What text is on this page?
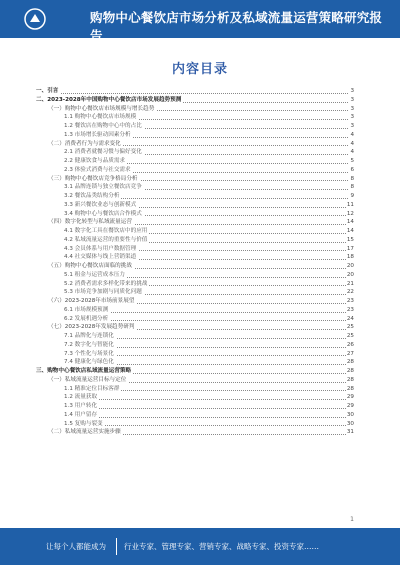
购物中心餐饮店市场分析及私域流量运营策略研究报告
内容目录
一、引言	3
二、2023-2028年中国购物中心餐饮店市场发展趋势预测	3
（一）购物中心餐饮店市场规模与增长趋势	3
1.1 购物中心餐饮店市场规模	3
1.2 餐饮店在购物中心中的占比	3
1.3 市场增长驱动因素分析	4
（二）消费者行为与需求变化	4
2.1 消费者就餐习惯与偏好变化	4
2.2 健康饮食与品质需求	5
2.3 体验式消费与社交需求	6
（三）购物中心餐饮店竞争格局分析	8
3.1 品牌连锁与独立餐饮店竞争	8
3.2 餐饮品类结构分析	9
3.3 新兴餐饮业态与创新模式	11
3.4 购物中心与餐饮店合作模式	12
（四）数字化转型与私域流量运营	14
4.1 数字化工具在餐饮店中的应用	14
4.2 私域流量运营的重要性与价值	15
4.3 会员体系与用户数据管理	17
4.4 社交媒体与线上营销渠道	18
（五）购物中心餐饮店面临的挑战	20
5.1 租金与运营成本压力	20
5.2 消费者需求多样化带来的挑战	21
5.3 市场竞争加剧与同质化问题	22
（六）2023-2028年市场前景展望	23
6.1 市场规模预测	23
6.2 发展机遇分析	24
（七）2023-2028年发展趋势研判	25
7.1 品牌化与连锁化	25
7.2 数字化与智能化	26
7.3 个性化与场景化	27
7.4 健康化与绿色化	28
三、购物中心餐饮店私域流量运营策略	28
（一）私域流量运营目标与定位	28
1.1 精准定位目标客群	28
1.2 流量获取	29
1.3 用户转化	29
1.4 用户留存	30
1.5 复购与裂变	30
（二）私域流量运营实施步骤	31
1
让每个人都能成为 行业专家、管理专家、营销专家、战略专家、投资专家……
